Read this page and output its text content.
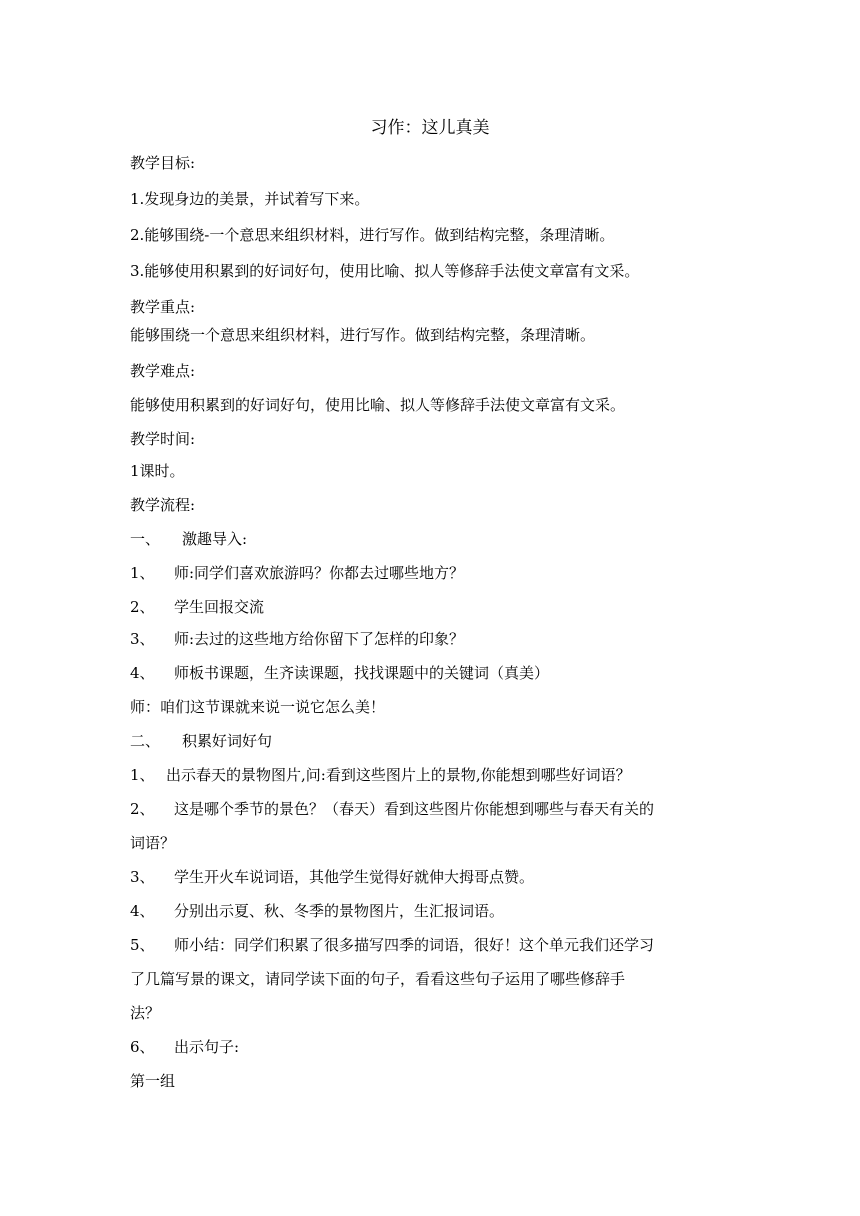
习作：这儿真美
教学目标:
1.发现身边的美景，并试着写下来。
2.能够围绕-一个意思来组织材料，进行写作。做到结构完整，条理清晰。
3.能够使用积累到的好词好句，使用比喻、拟人等修辞手法使文章富有文采。
教学重点:
能够围绕一个意思来组织材料，进行写作。做到结构完整，条理清晰。
教学难点:
能够使用积累到的好词好句，使用比喻、拟人等修辞手法使文章富有文采。
教学时间:
1课时。
教学流程:
一、 激趣导入:
1、 师:同学们喜欢旅游吗？你都去过哪些地方？
2、 学生回报交流
3、 师:去过的这些地方给你留下了怎样的印象？
4、 师板书课题，生齐读课题，找找课题中的关键词（真美）
师：咱们这节课就来说一说它怎么美！
二、 积累好词好句
1、 出示春天的景物图片,问:看到这些图片上的景物,你能想到哪些好词语？
2、 这是哪个季节的景色？（春天）看到这些图片你能想到哪些与春天有关的
词语？
3、 学生开火车说词语，其他学生觉得好就伸大拇哥点赞。
4、 分别出示夏、秋、冬季的景物图片，生汇报词语。
5、 师小结：同学们积累了很多描写四季的词语，很好！这个单元我们还学习
了几篇写景的课文，请同学读下面的句子，看看这些句子运用了哪些修辞手
法？
6、 出示句子:
第一组
